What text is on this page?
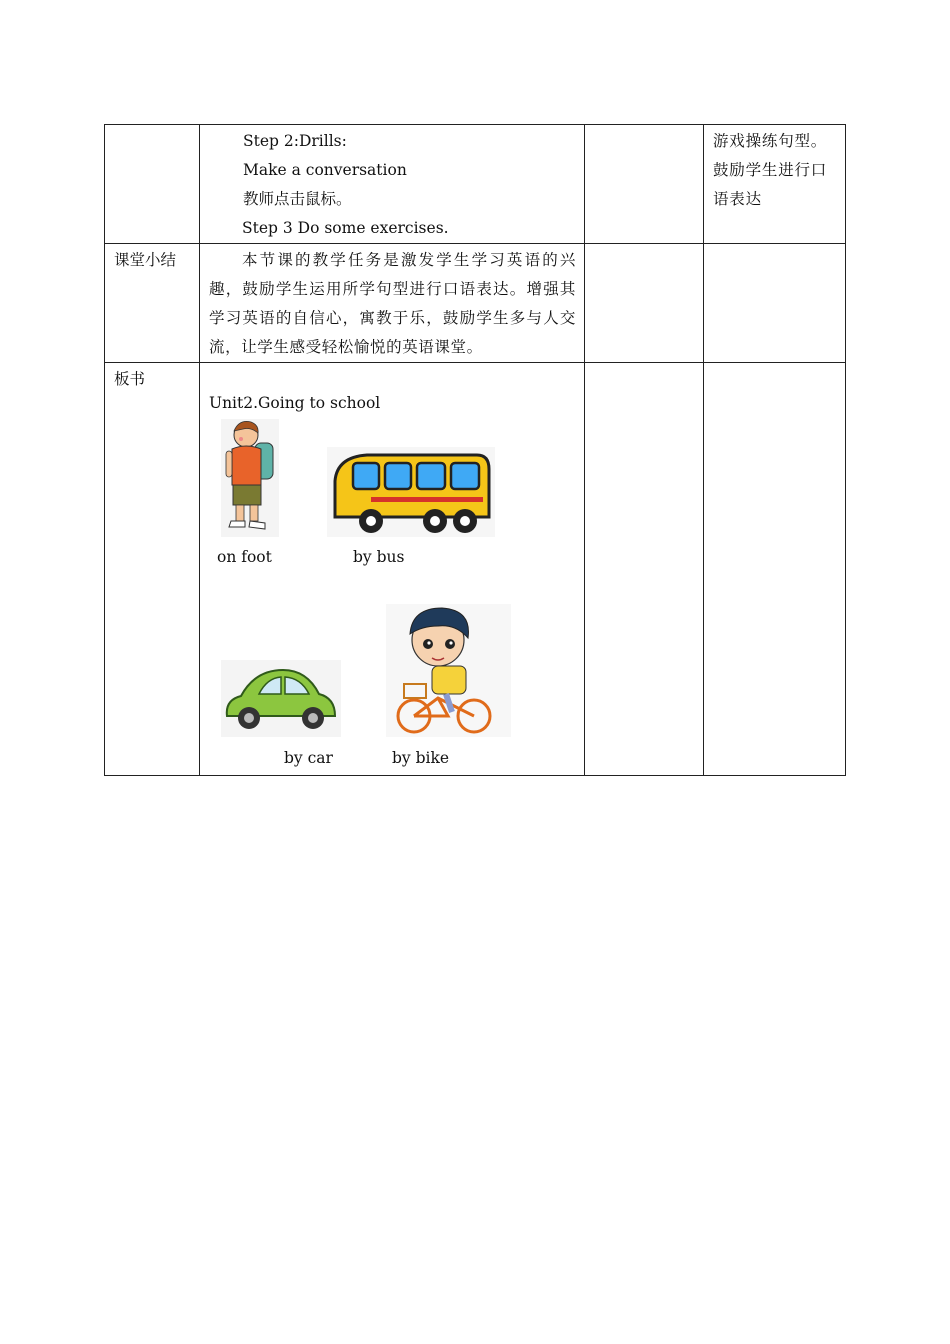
	Step 2:Drills:
Make a conversation
教师点击鼠标。
Step 3 Do some exercises.		游戏操练句型。
鼓励学生进行口
语表达

课堂小结	本节课的教学任务是激发学生学习英语的兴趣，鼓励学生运用所学句型进行口语表达。增强其学习英语的自信心，寓教于乐，鼓励学生多与人交流，让学生感受轻松愉悦的英语课堂。		

板书	Unit2.Going to school
on foot by bus
by car by bike		
